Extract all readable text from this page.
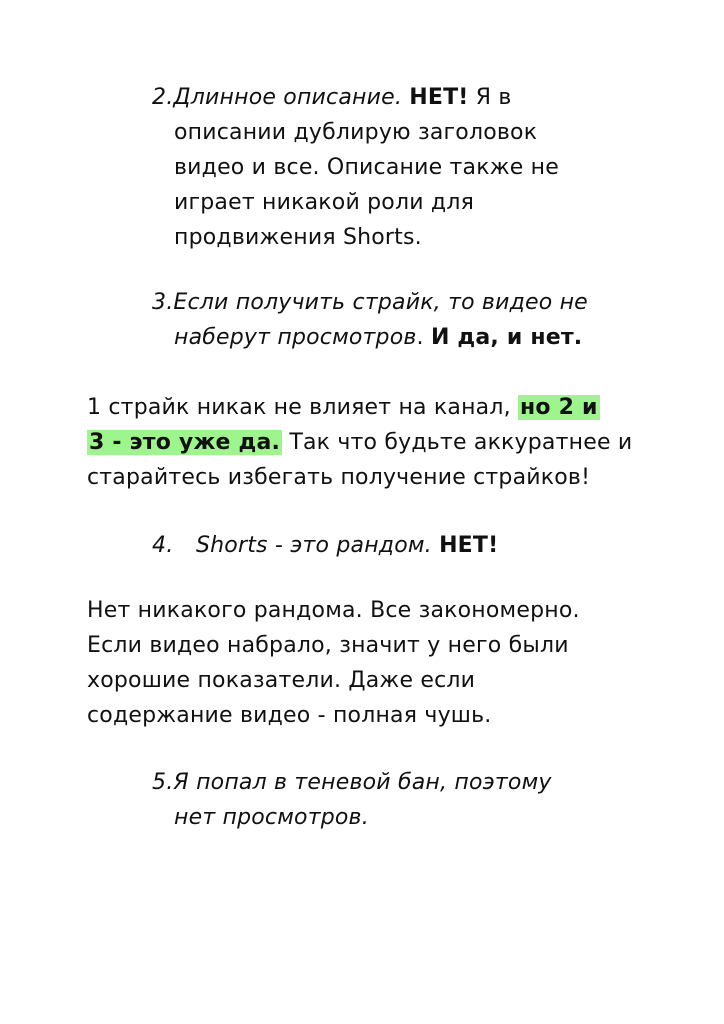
2.Длинное описание. НЕТ! Я в
описании дублирую заголовок
видео и все. Описание также не
играет никакой роли для
продвижения Shorts.
3.Если получить страйк, то видео не
наберут просмотров. И да, и нет.
1 страйк никак не влияет на канал, но 2 и
3 - это уже да. Так что будьте аккуратнее и
старайтесь избегать получение страйков!
4. Shorts - это рандом. НЕТ!
Нет никакого рандома. Все закономерно.
Если видео набрало, значит у него были
хорошие показатели. Даже если
содержание видео - полная чушь.
5.Я попал в теневой бан, поэтому
нет просмотров.
